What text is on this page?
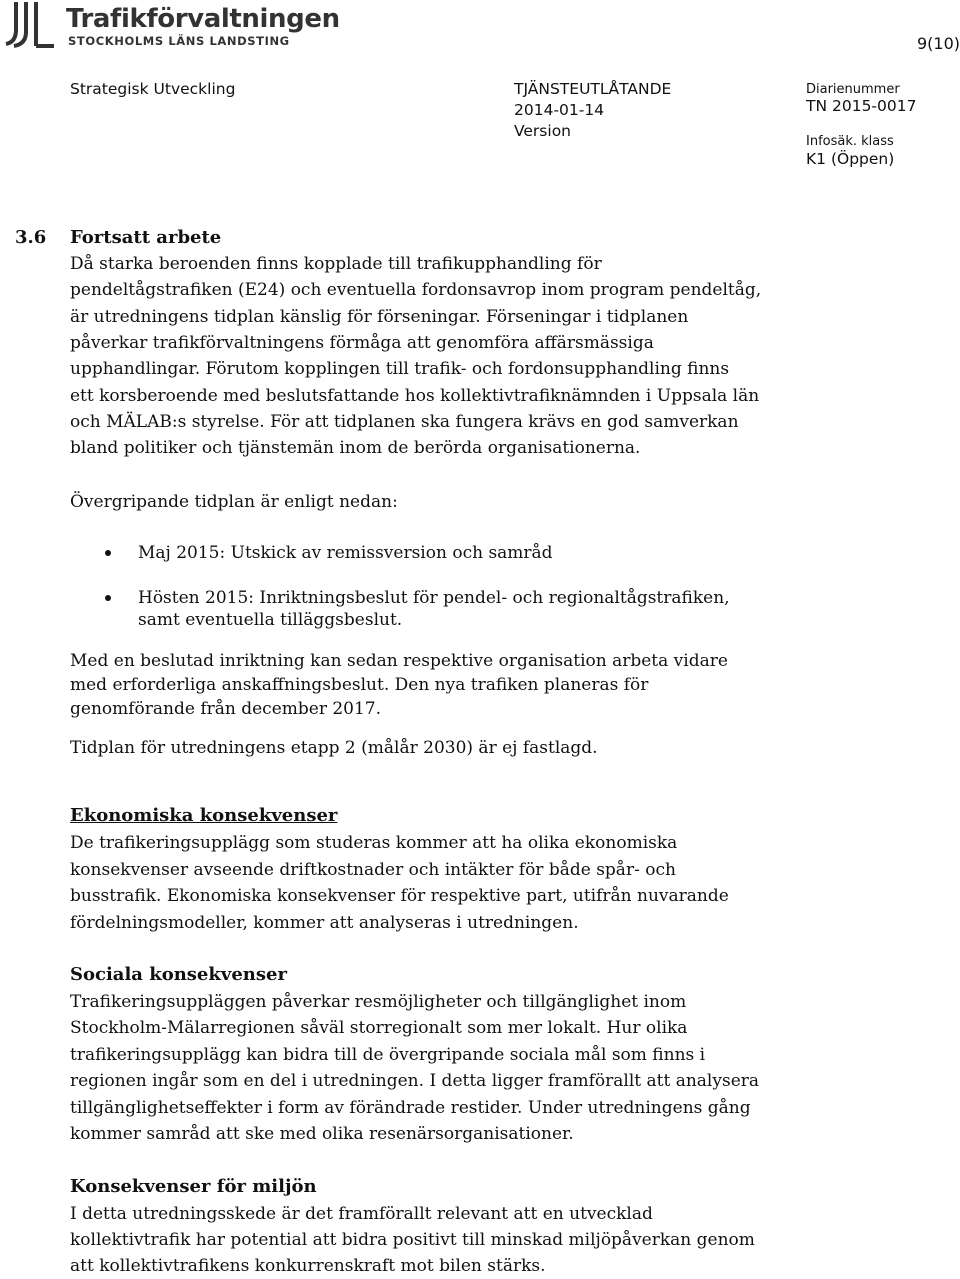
Trafikförvaltningen
STOCKHOLMS LÄNS LANDSTING	9(10)
Strategisk Utveckling	TJÄNSTEUTLÅTANDE
2014-01-14
Version
Diarienummer
TN 2015-0017
Infosäk. klass
K1 (Öppen)
3.6 Fortsatt arbete
Då starka beroenden finns kopplade till trafikupphandling för
pendeltågstrafiken (E24) och eventuella fordonsavrop inom program pendeltåg,
är utredningens tidplan känslig för förseningar. Förseningar i tidplanen
påverkar trafikförvaltningens förmåga att genomföra affärsmässiga
upphandlingar. Förutom kopplingen till trafik- och fordonsupphandling finns
ett korsberoende med beslutsfattande hos kollektivtrafiknämnden i Uppsala län
och MÄLAB:s styrelse. För att tidplanen ska fungera krävs en god samverkan
bland politiker och tjänstemän inom de berörda organisationerna.
Övergripande tidplan är enligt nedan:
Maj 2015: Utskick av remissversion och samråd
Hösten 2015: Inriktningsbeslut för pendel- och regionaltågstrafiken,
samt eventuella tilläggsbeslut.
Med en beslutad inriktning kan sedan respektive organisation arbeta vidare
med erforderliga anskaffningsbeslut. Den nya trafiken planeras för
genomförande från december 2017.
Tidplan för utredningens etapp 2 (målår 2030) är ej fastlagd.
Ekonomiska konsekvenser
De trafikeringsupplägg som studeras kommer att ha olika ekonomiska
konsekvenser avseende driftkostnader och intäkter för både spår- och
busstrafik. Ekonomiska konsekvenser för respektive part, utifrån nuvarande
fördelningsmodeller, kommer att analyseras i utredningen.
Sociala konsekvenser
Trafikeringsuppläggen påverkar resmöjligheter och tillgänglighet inom
Stockholm-Mälarregionen såväl storregionalt som mer lokalt. Hur olika
trafikeringsupplägg kan bidra till de övergripande sociala mål som finns i
regionen ingår som en del i utredningen. I detta ligger framförallt att analysera
tillgänglighetseffekter i form av förändrade restider. Under utredningens gång
kommer samråd att ske med olika resenärsorganisationer.
Konsekvenser för miljön
I detta utredningsskede är det framförallt relevant att en utvecklad
kollektivtrafik har potential att bidra positivt till minskad miljöpåverkan genom
att kollektivtrafikens konkurrenskraft mot bilen stärks.
